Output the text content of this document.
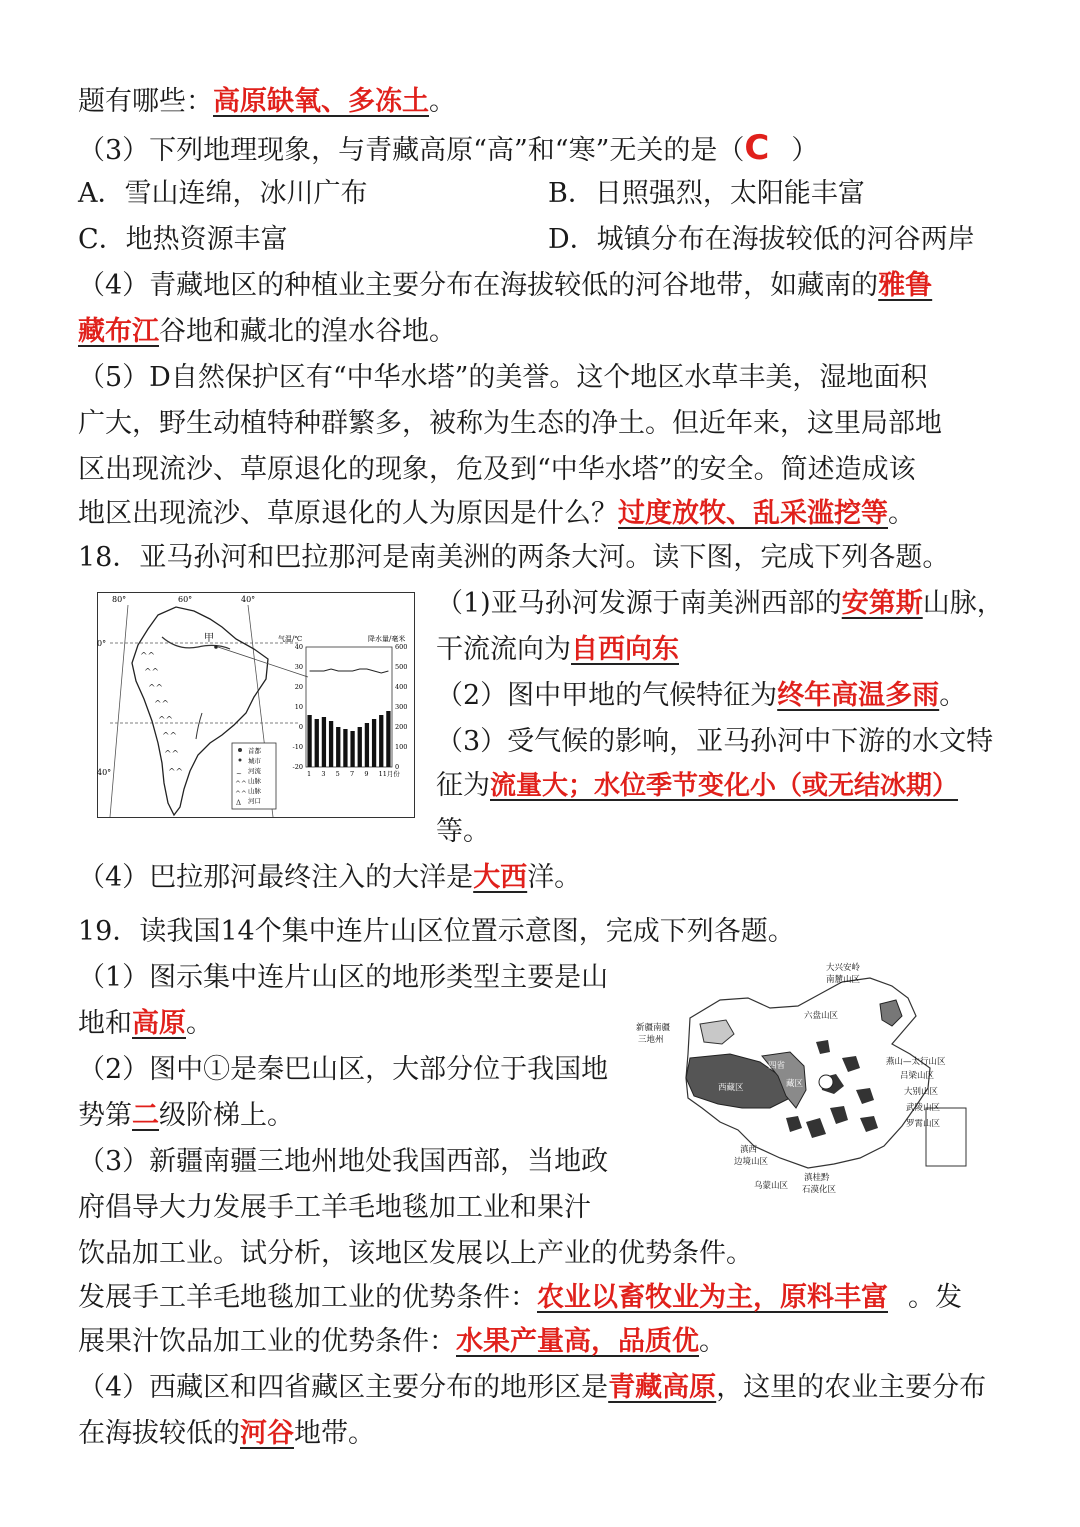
题有哪些：高原缺氧、多冻土。
（3）下列地理现象，与青藏高原“高”和“寒”无关的是（C ）
A．雪山连绵，冰川广布	B．日照强烈，太阳能丰富
C．地热资源丰富	D．城镇分布在海拔较低的河谷两岸
（4）青藏地区的种植业主要分布在海拔较低的河谷地带，如藏南的雅鲁
藏布江谷地和藏北的湟水谷地。
（5）D自然保护区有“中华水塔”的美誉。这个地区水草丰美，湿地面积
广大，野生动植特种群繁多，被称为生态的净土。但近年来，这里局部地
区出现流沙、草原退化的现象，危及到“中华水塔”的安全。简述造成该
地区出现流沙、草原退化的人为原因是什么？过度放牧、乱采滥挖等。
18．亚马孙河和巴拉那河是南美洲的两条大河。读下图，完成下列各题。
80°	60°	40°
0°
40°
^^
^^
^^
^^
^^
^^
^^
^^
甲
首都
城市
河流
山脉
山脉
河口
~
^^
^^
Δ
气温/℃	降水量/毫米
40
30
20
10
0
-10
-20
600
500
400
300
200
100
0
1 3 5 7 9 11月份
（1)亚马孙河发源于南美洲西部的安第斯山脉，
干流流向为自西向东
（2）图中甲地的气候特征为终年高温多雨。
（3）受气候的影响，亚马孙河中下游的水文特
征为流量大；水位季节变化小（或无结冰期）
等。
（4）巴拉那河最终注入的大洋是大西洋。
19．读我国14个集中连片山区位置示意图，完成下列各题。
（1）图示集中连片山区的地形类型主要是山
地和高原。
（2）图中①是秦巴山区，大部分位于我国地
势第二级阶梯上。
（3）新疆南疆三地州地处我国西部，当地政
府倡导大力发展手工羊毛地毯加工业和果汁
饮品加工业。试分析，该地区发展以上产业的优势条件。
发展手工羊毛地毯加工业的优势条件：农业以畜牧业为主，原料丰富 。发
展果汁饮品加工业的优势条件：水果产量高，品质优。
（4）西藏区和四省藏区主要分布的地形区是青藏高原，这里的农业主要分布
在海拔较低的河谷地带。
大兴安岭
南麓山区
新疆南疆
三地州
六盘山区
燕山—太行山区
吕梁山区
大别山区
武陵山区
罗霄山区
滇西
边境山区
乌蒙山区
滇桂黔
石漠化区
西藏区
四省
藏区
